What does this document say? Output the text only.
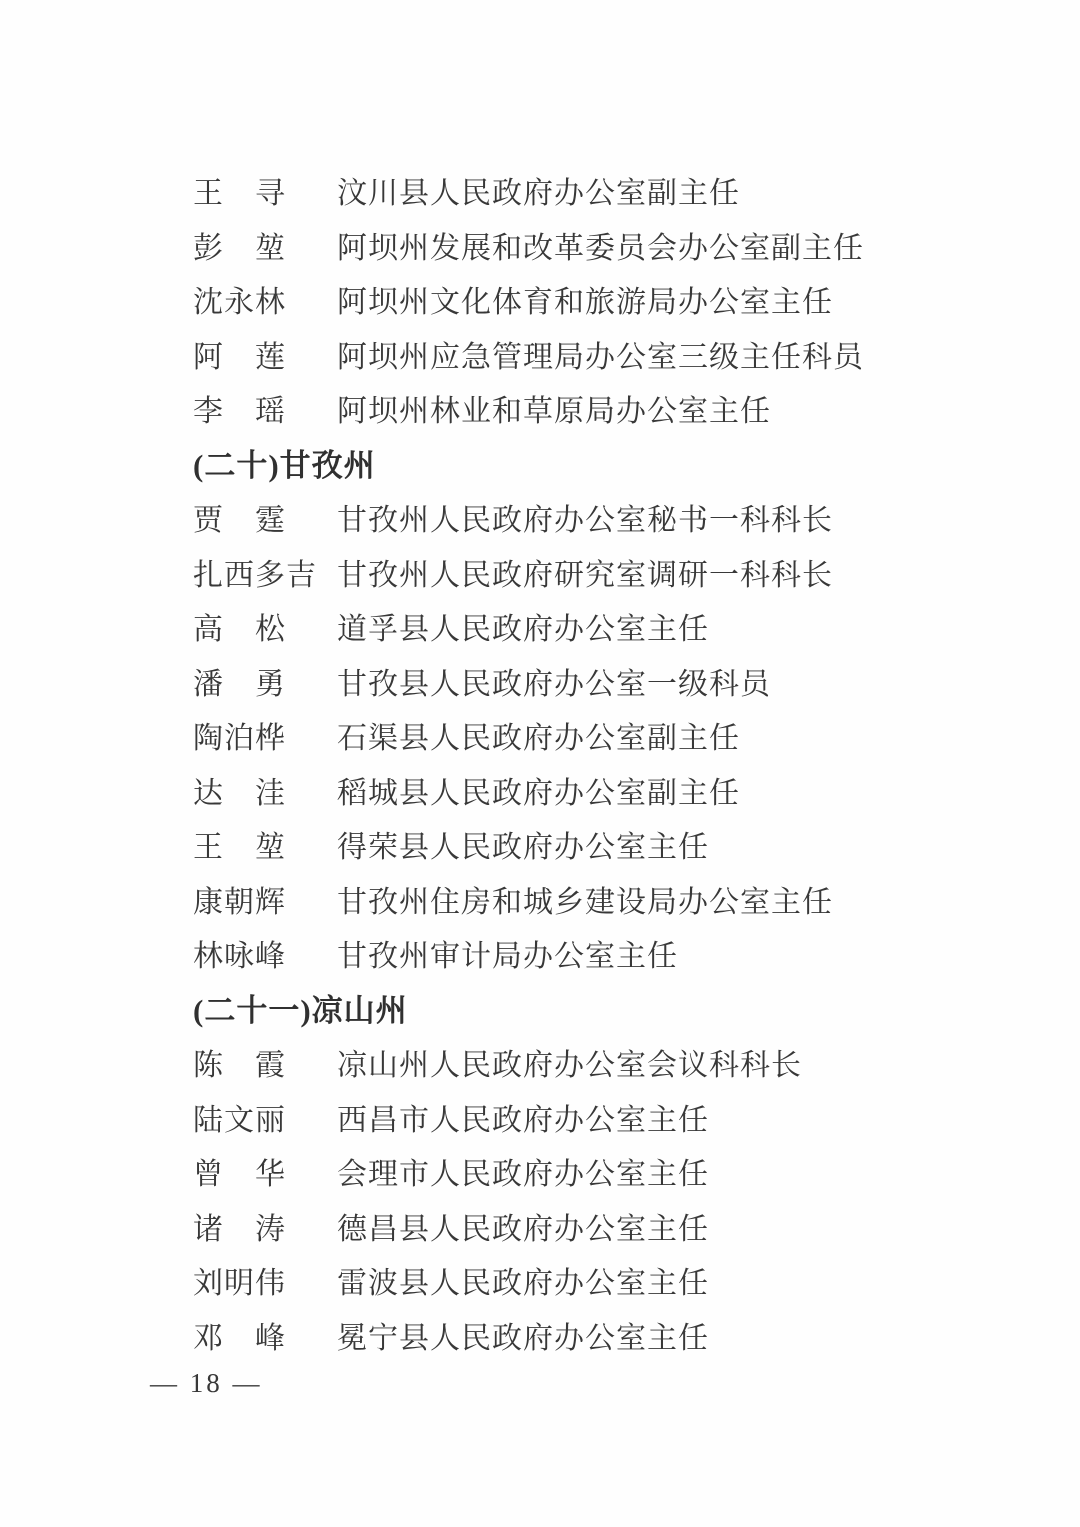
王　寻	汶川县人民政府办公室副主任
彭　堃	阿坝州发展和改革委员会办公室副主任
沈永林	阿坝州文化体育和旅游局办公室主任
阿　莲	阿坝州应急管理局办公室三级主任科员
李　瑶	阿坝州林业和草原局办公室主任
(二十)甘孜州
贾　霆	甘孜州人民政府办公室秘书一科科长
扎西多吉 甘孜州人民政府研究室调研一科科长
高　松	道孚县人民政府办公室主任
潘　勇	甘孜县人民政府办公室一级科员
陶泊桦	石渠县人民政府办公室副主任
达　洼	稻城县人民政府办公室副主任
王　堃	得荣县人民政府办公室主任
康朝辉	甘孜州住房和城乡建设局办公室主任
林咏峰	甘孜州审计局办公室主任
(二十一)凉山州
陈　霞	凉山州人民政府办公室会议科科长
陆文丽	西昌市人民政府办公室主任
曾　华	会理市人民政府办公室主任
诸　涛	德昌县人民政府办公室主任
刘明伟	雷波县人民政府办公室主任
邓　峰	冕宁县人民政府办公室主任
— 18 —
